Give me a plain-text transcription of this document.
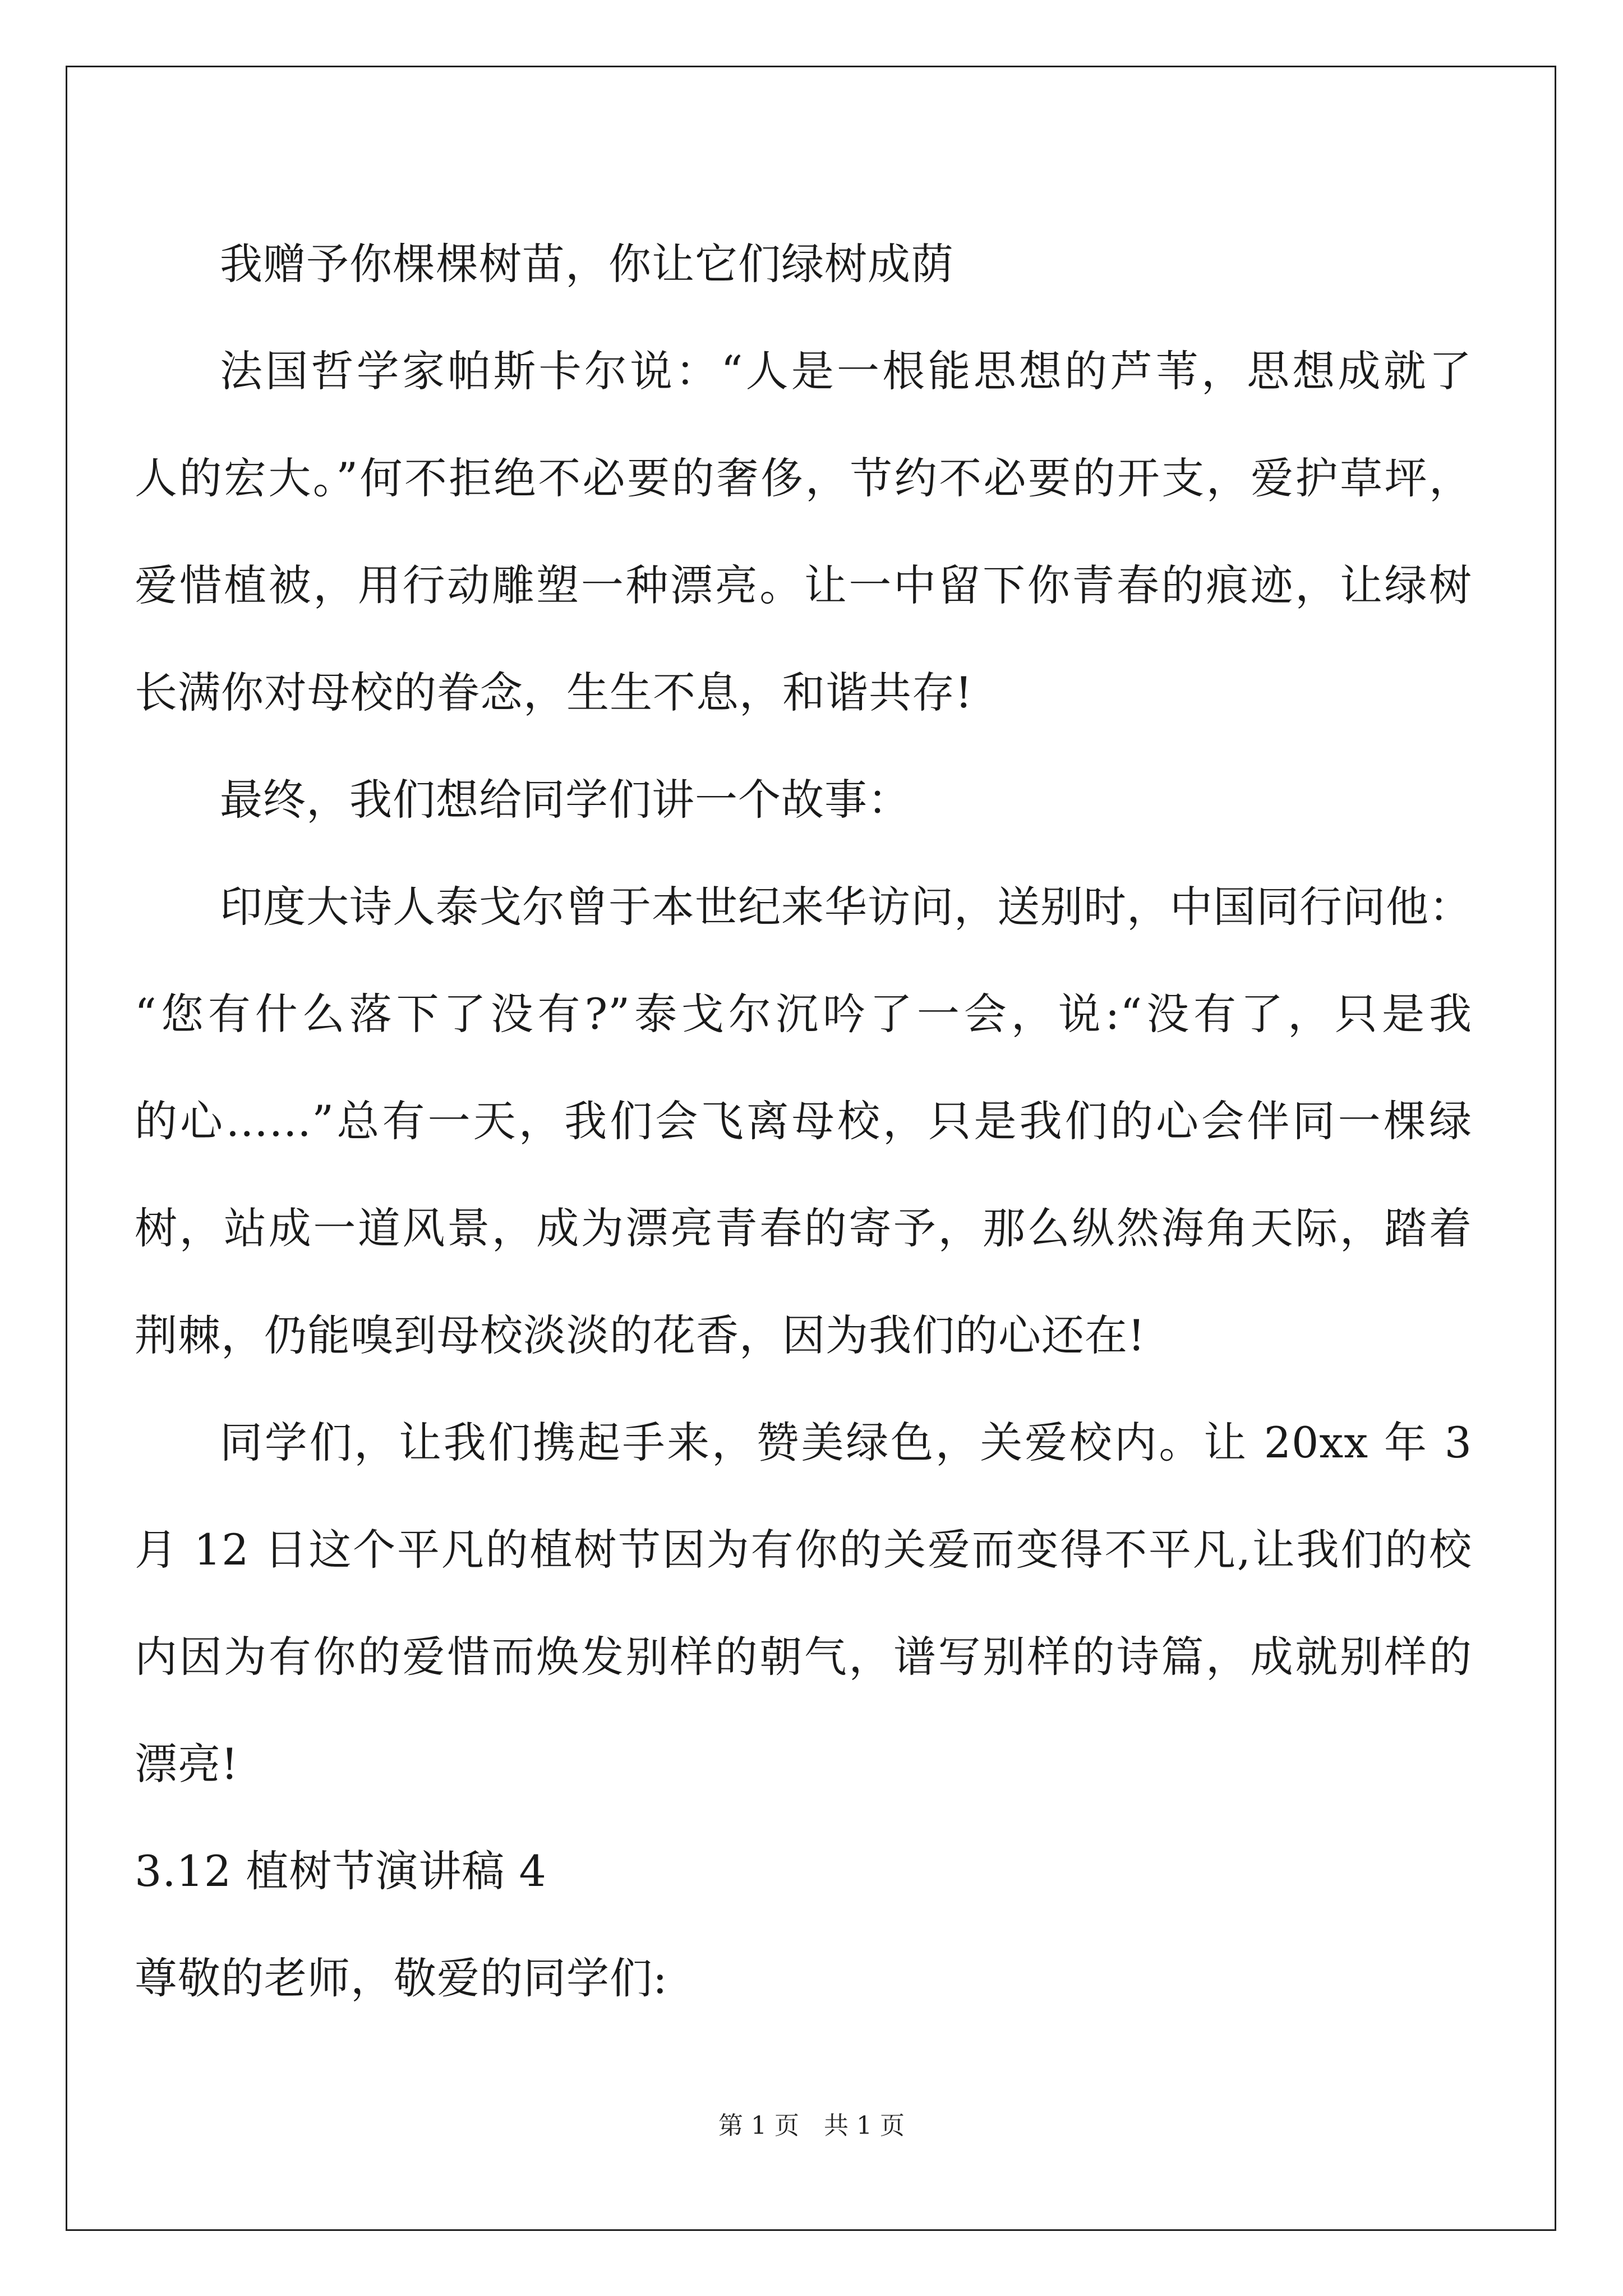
我赠予你棵棵树苗，你让它们绿树成荫

法国哲学家帕斯卡尔说：“人是一根能思想的芦苇，思想成就了
人的宏大。”何不拒绝不必要的奢侈，节约不必要的开支，爱护草坪，
爱惜植被，用行动雕塑一种漂亮。让一中留下你青春的痕迹，让绿树
长满你对母校的眷念，生生不息，和谐共存!

最终，我们想给同学们讲一个故事：

印度大诗人泰戈尔曾于本世纪来华访问，送别时，中国同行问他：
“您有什么落下了没有?”泰戈尔沉吟了一会，说:“没有了，只是我
的心……”总有一天，我们会飞离母校，只是我们的心会伴同一棵绿
树，站成一道风景，成为漂亮青春的寄予，那么纵然海角天际，踏着
荆棘，仍能嗅到母校淡淡的花香，因为我们的心还在!

同学们，让我们携起手来，赞美绿色，关爱校内。让 20xx 年 3
月 12 日这个平凡的植树节因为有你的关爱而变得不平凡,让我们的校
内因为有你的爱惜而焕发别样的朝气，谱写别样的诗篇，成就别样的
漂亮!

3.12 植树节演讲稿 4

尊敬的老师，敬爱的同学们:

第 1 页　共 1 页
